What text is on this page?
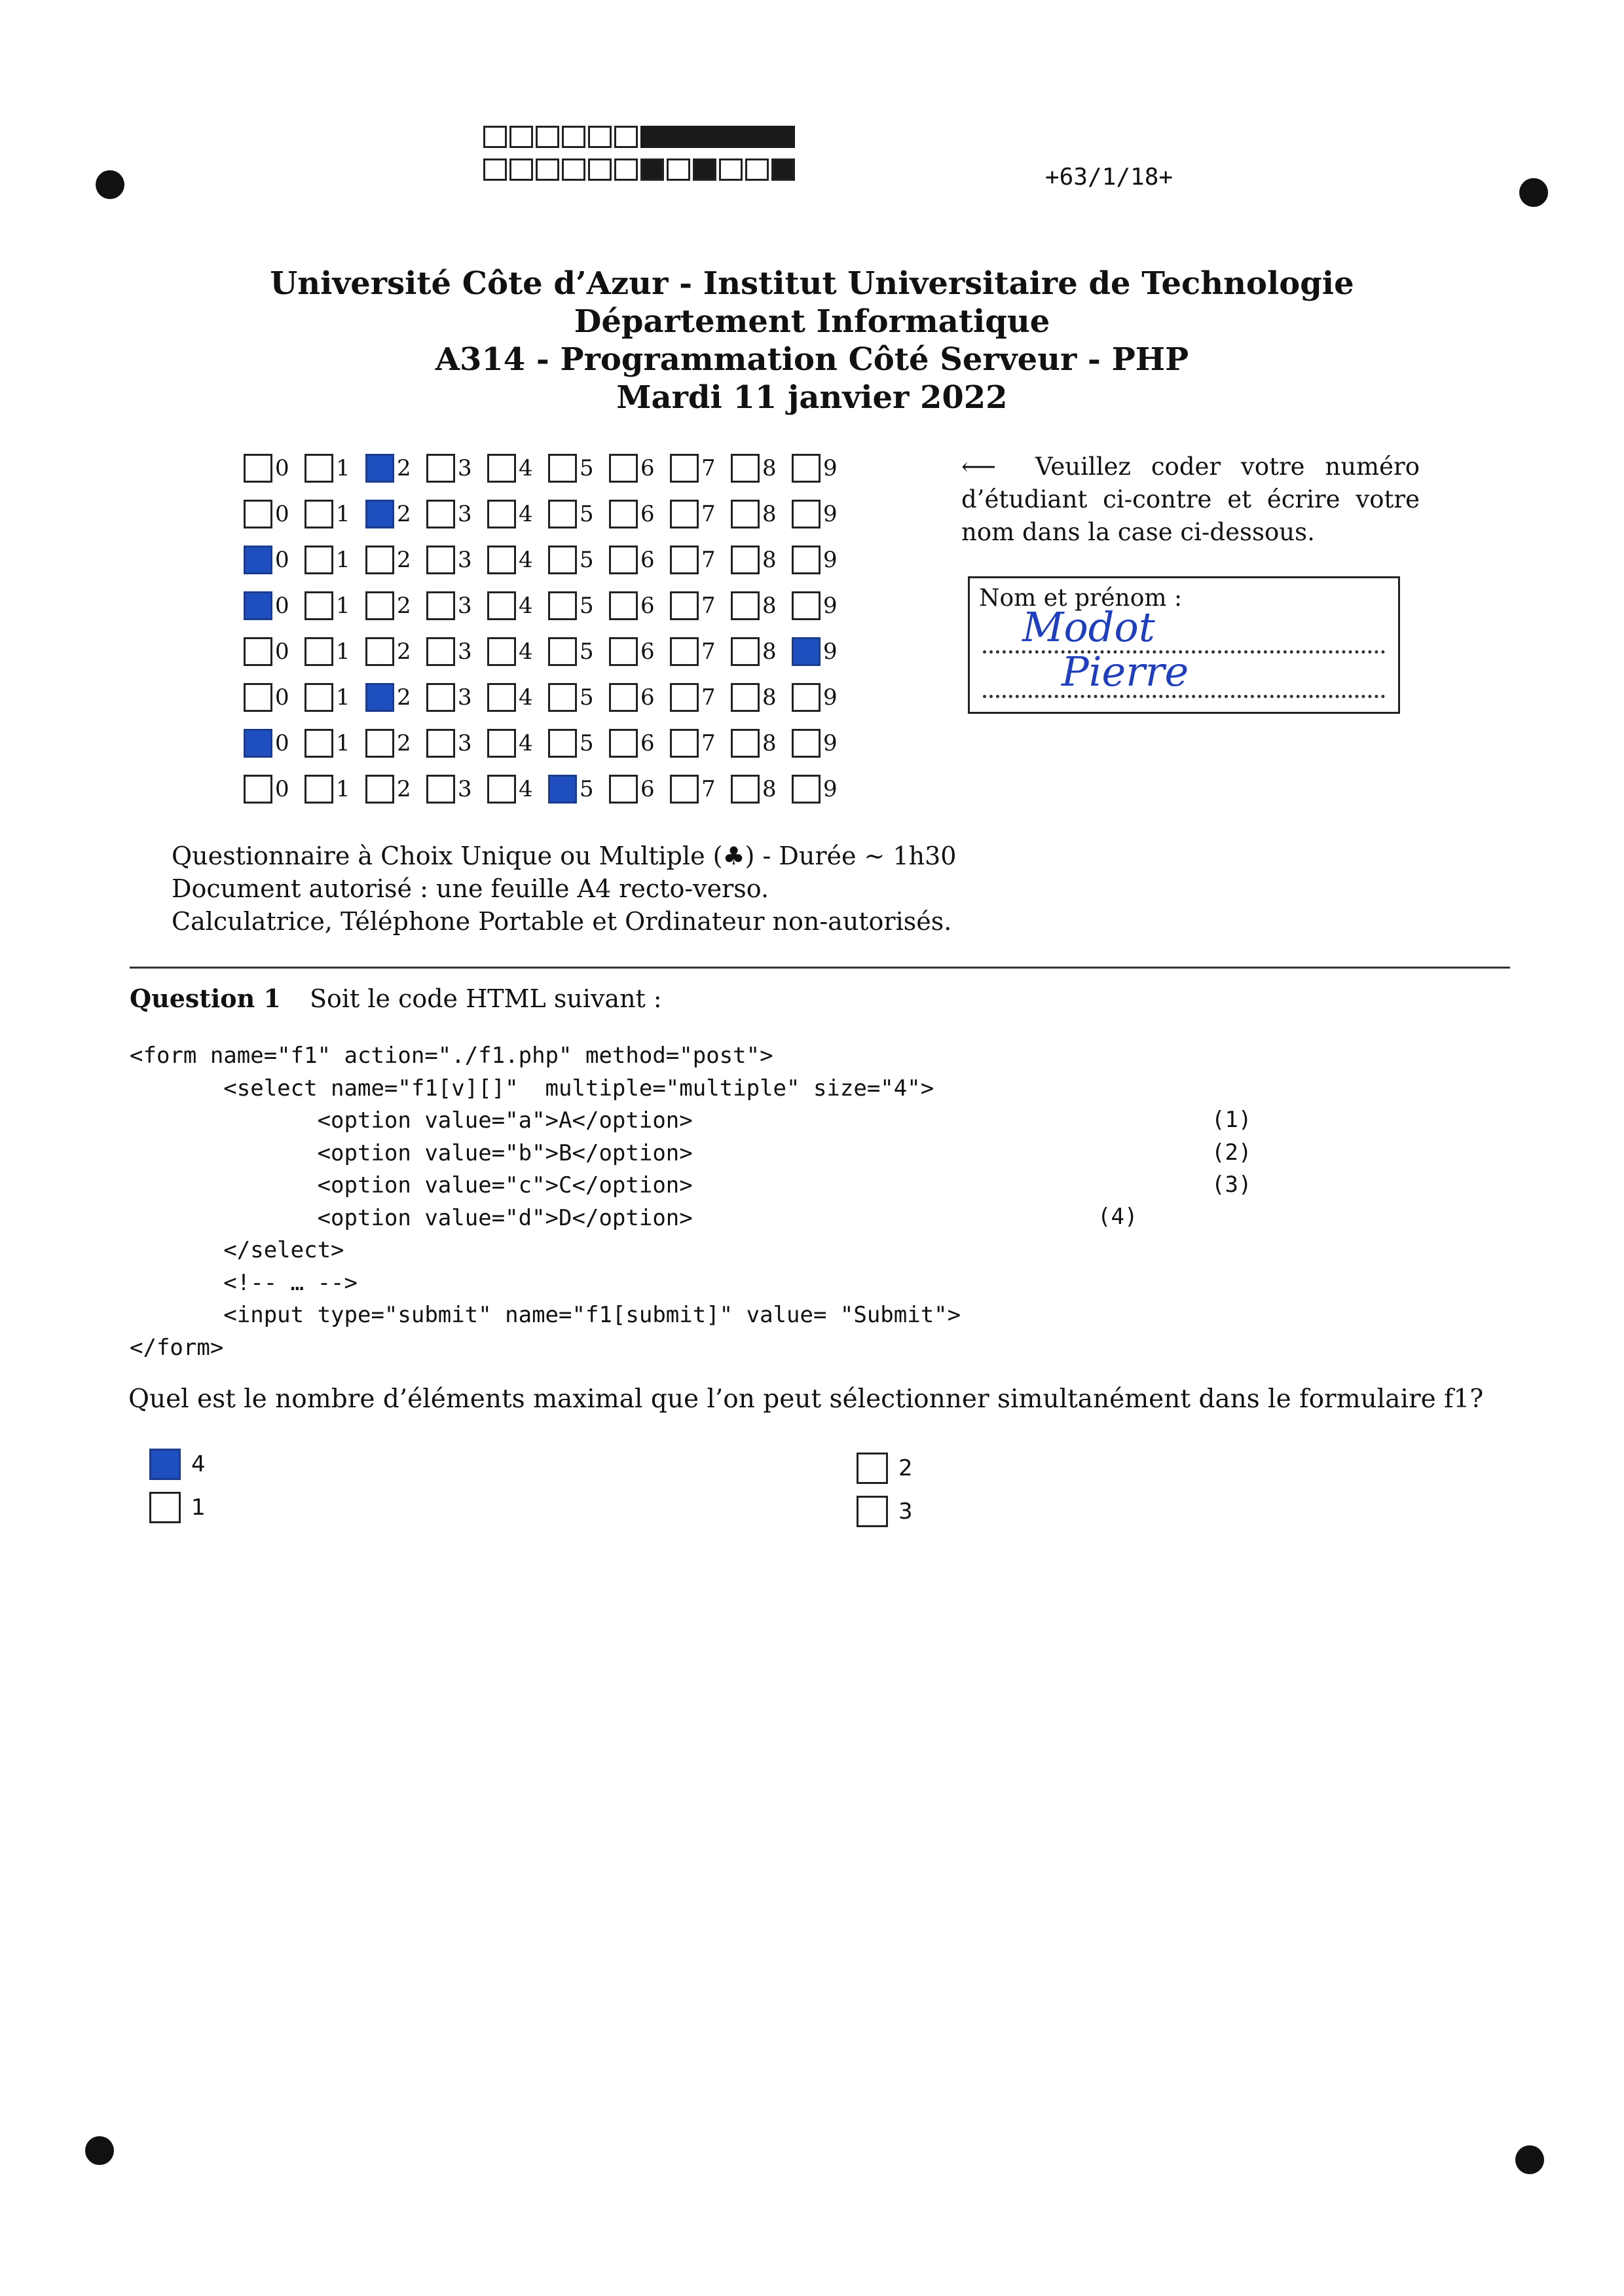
+63/1/18+
Université Côte d’Azur - Institut Universitaire de Technologie
Département Informatique
A314 - Programmation Côté Serveur - PHP
Mardi 11 janvier 2022
0 1 2 3 4 5 6 7 8 9
0 1 2 3 4 5 6 7 8 9
0 1 2 3 4 5 6 7 8 9
0 1 2 3 4 5 6 7 8 9
0 1 2 3 4 5 6 7 8 9
0 1 2 3 4 5 6 7 8 9
0 1 2 3 4 5 6 7 8 9
0 1 2 3 4 5 6 7 8 9
⟵ Veuillez coder votre numéro d’étudiant ci-contre et écrire votre nom dans la case ci-dessous.
Nom et prénom :
Modot
Pierre
Questionnaire à Choix Unique ou Multiple (♣) - Durée ∼ 1h30
Document autorisé : une feuille A4 recto-verso.
Calculatrice, Téléphone Portable et Ordinateur non-autorisés.
Question 1 Soit le code HTML suivant :
<form name="f1" action="./f1.php" method="post">
<select name="f1[v][]"  multiple="multiple" size="4">
<option value="a">A</option>
<option value="b">B</option>
<option value="c">C</option>
<option value="d">D</option>
</select>
<!-- … -->
<input type="submit" name="f1[submit]" value= "Submit">
</form>
(1)
(2)
(3)
(4)
Quel est le nombre d’éléments maximal que l’on peut sélectionner simultanément dans le formulaire f1?
4
1
2
3
